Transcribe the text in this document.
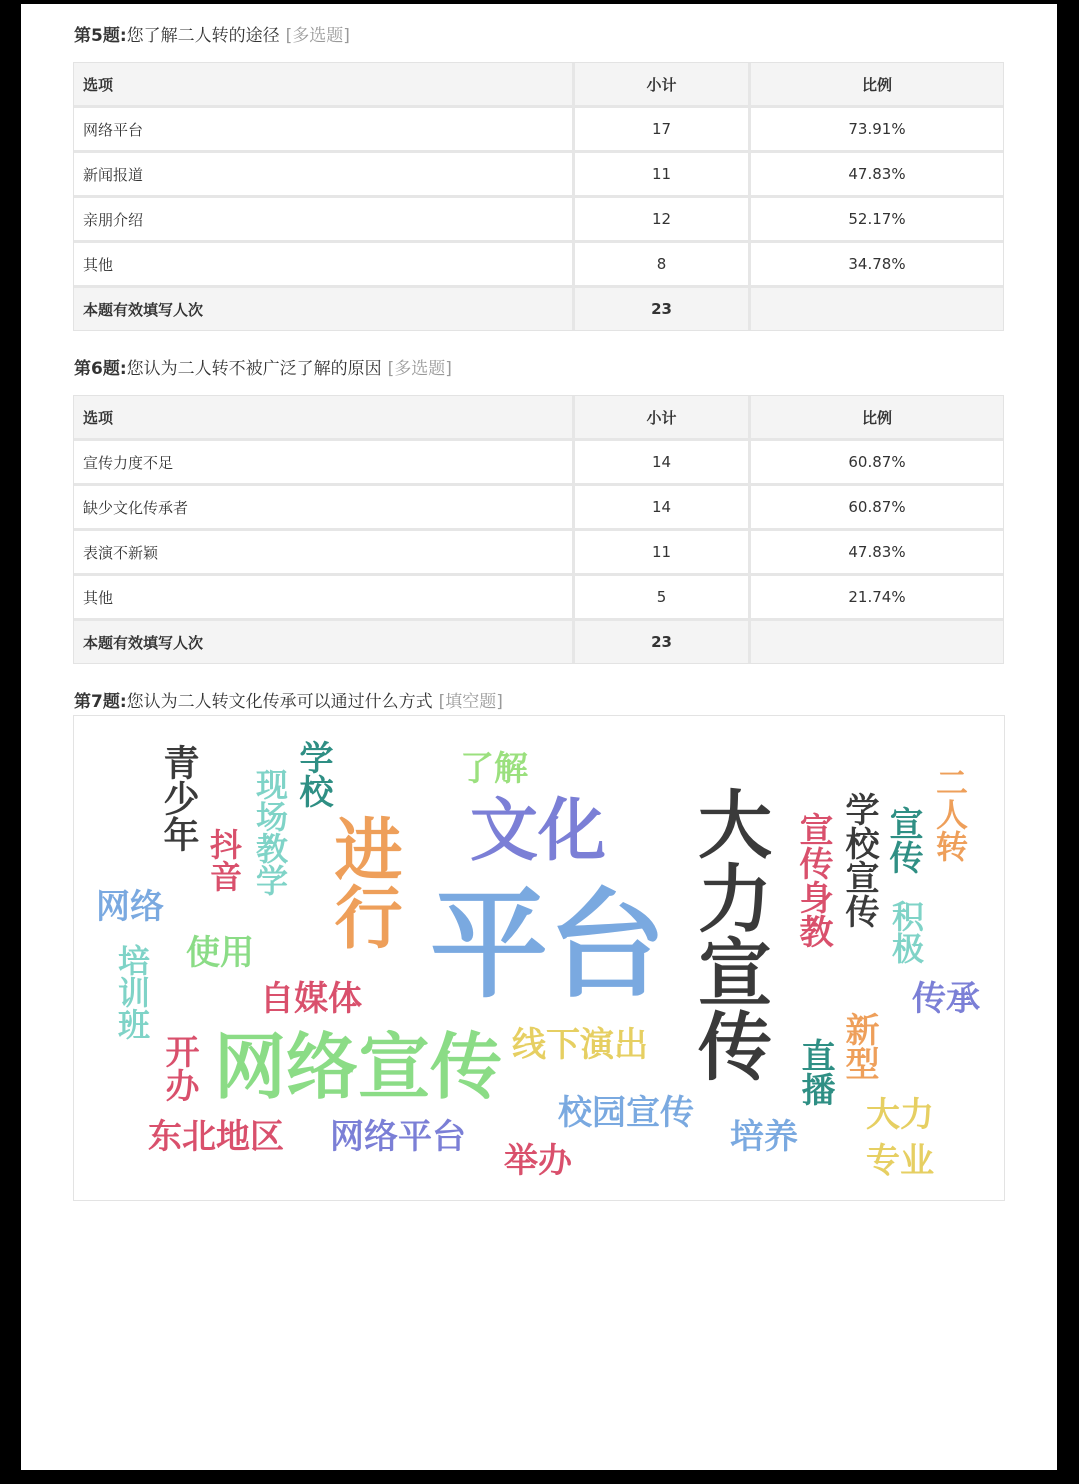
第5题:您了解二人转的途径 [多选题]
选项	小计	比例
网络平台	17	73.91%
新闻报道	11	47.83%
亲朋介绍	12	52.17%
其他	8	34.78%
本题有效填写人次	23	
第6题:您认为二人转不被广泛了解的原因 [多选题]
选项	小计	比例
宣传力度不足	14	60.87%
缺少文化传承者	14	60.87%
表演不新颖	11	47.83%
其他	5	21.74%
本题有效填写人次	23	
第7题:您认为二人转文化传承可以通过什么方式 [填空题]
平台 大力宣传
网络宣传
文化
进行
青少年	学校
现场教学
抖音
了解
网络
培训班 使用
自媒体
开办
东北地区 网络平台
举办
线下演出
校园宣传
培养
宣传身教 学校宣传 宣传 二人转
积极
传承
新型
直播
大力
专业
